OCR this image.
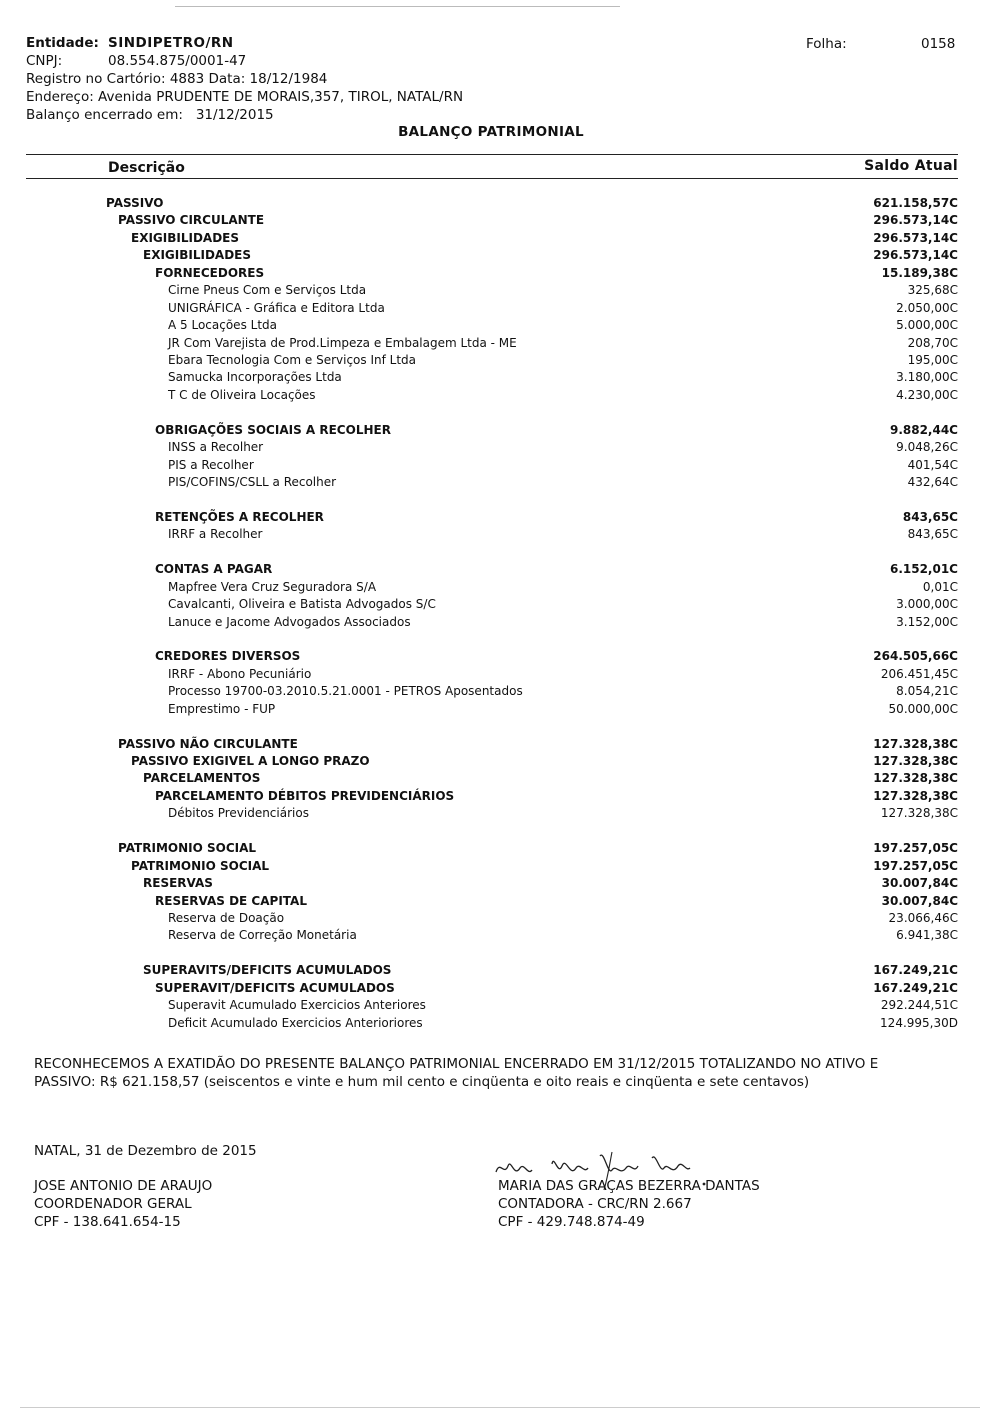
Entidade: SINDIPETRO/RN
CNPJ:	08.554.875/0001-47
Registro no Cartório: 4883 Data: 18/12/1984
Endereço: Avenida PRUDENTE DE MORAIS,357, TIROL, NATAL/RN
Balanço encerrado em: 31/12/2015
Folha:	0158
BALANÇO PATRIMONIAL
Descrição	Saldo Atual
PASSIVO	621.158,57C
PASSIVO CIRCULANTE	296.573,14C
EXIGIBILIDADES	296.573,14C
EXIGIBILIDADES	296.573,14C
FORNECEDORES	15.189,38C
Cirne Pneus Com e Serviços Ltda	325,68C
UNIGRÁFICA - Gráfica e Editora Ltda	2.050,00C
A 5 Locações Ltda	5.000,00C
JR Com Varejista de Prod.Limpeza e Embalagem Ltda - ME	208,70C
Ebara Tecnologia Com e Serviços Inf Ltda	195,00C
Samucka Incorporações Ltda	3.180,00C
T C de Oliveira Locações	4.230,00C
OBRIGAÇÕES SOCIAIS A RECOLHER	9.882,44C
INSS a Recolher	9.048,26C
PIS a Recolher	401,54C
PIS/COFINS/CSLL a Recolher	432,64C
RETENÇÕES A RECOLHER	843,65C
IRRF a Recolher	843,65C
CONTAS A PAGAR	6.152,01C
Mapfree Vera Cruz Seguradora S/A	0,01C
Cavalcanti, Oliveira e Batista Advogados S/C	3.000,00C
Lanuce e Jacome Advogados Associados	3.152,00C
CREDORES DIVERSOS	264.505,66C
IRRF - Abono Pecuniário	206.451,45C
Processo 19700-03.2010.5.21.0001 - PETROS Aposentados	8.054,21C
Emprestimo - FUP	50.000,00C
PASSIVO NÃO CIRCULANTE	127.328,38C
PASSIVO EXIGIVEL A LONGO PRAZO	127.328,38C
PARCELAMENTOS	127.328,38C
PARCELAMENTO DÉBITOS PREVIDENCIÁRIOS	127.328,38C
Débitos Previdenciários	127.328,38C
PATRIMONIO SOCIAL	197.257,05C
PATRIMONIO SOCIAL	197.257,05C
RESERVAS	30.007,84C
RESERVAS DE CAPITAL	30.007,84C
Reserva de Doação	23.066,46C
Reserva de Correção Monetária	6.941,38C
SUPERAVITS/DEFICITS ACUMULADOS	167.249,21C
SUPERAVIT/DEFICITS ACUMULADOS	167.249,21C
Superavit Acumulado Exercicios Anteriores	292.244,51C
Deficit Acumulado Exercicios Anterioriores	124.995,30D
RECONHECEMOS A EXATIDÃO DO PRESENTE BALANÇO PATRIMONIAL ENCERRADO EM 31/12/2015 TOTALIZANDO NO ATIVO E PASSIVO: R$ 621.158,57 (seiscentos e vinte e hum mil cento e cinqüenta e oito reais e cinqüenta e sete centavos)
NATAL, 31 de Dezembro de 2015
JOSE ANTONIO DE ARAUJO
COORDENADOR GERAL
CPF - 138.641.654-15
MARIA DAS GRAÇAS BEZERRA DANTAS
CONTADORA - CRC/RN 2.667
CPF - 429.748.874-49
